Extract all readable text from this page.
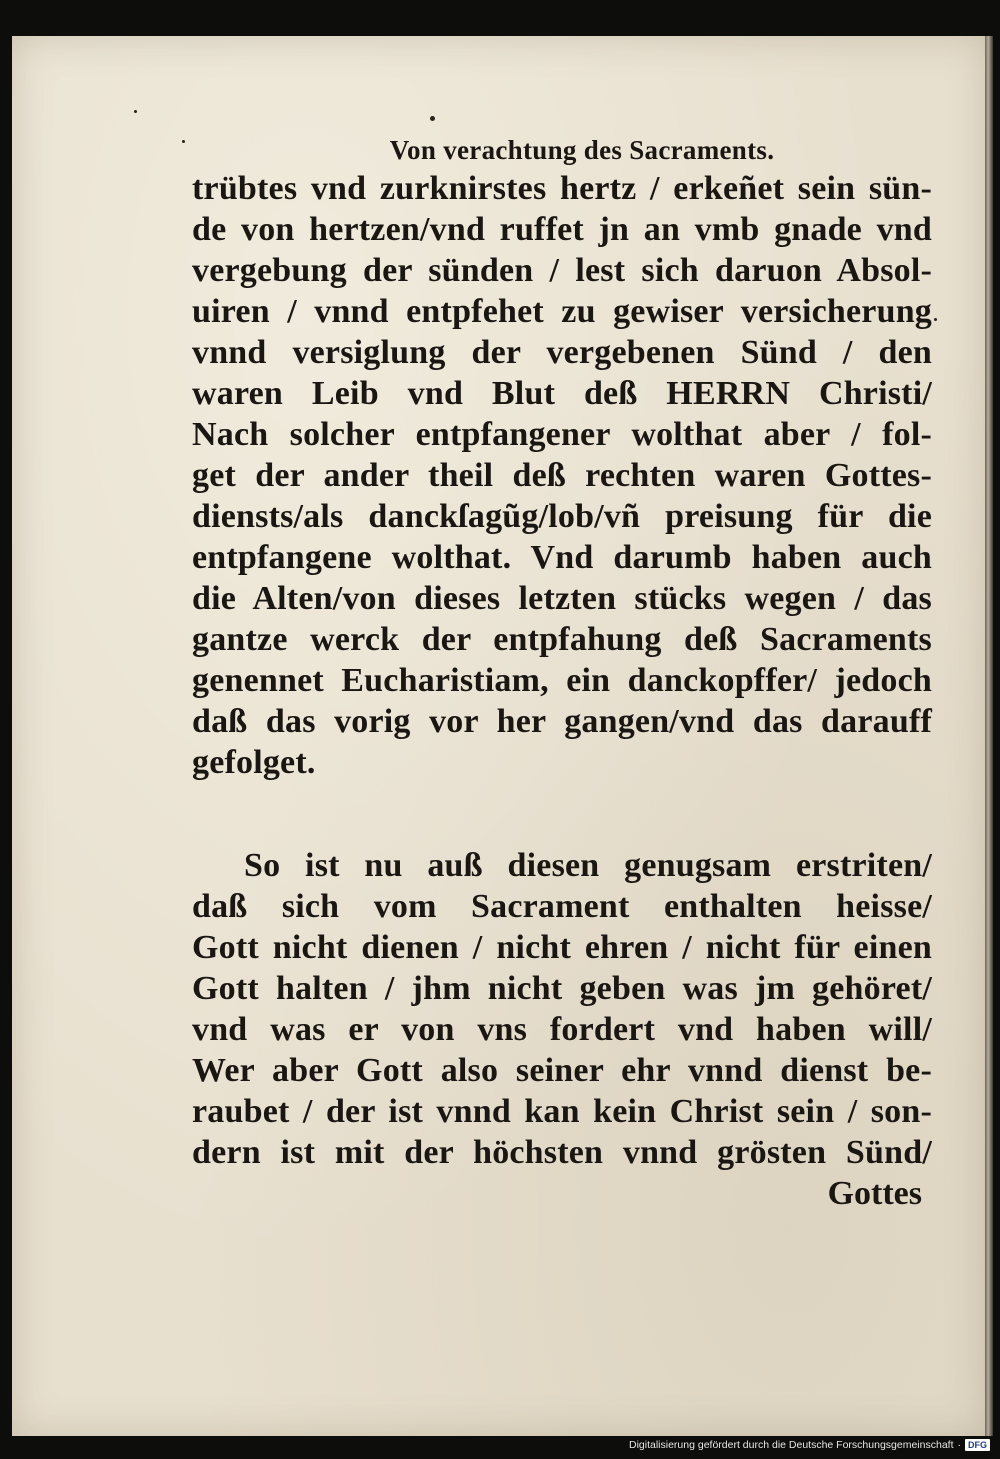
Von verachtung des Sacraments.
trübtes vnd zurknirstes hertz / erkeñet sein sün-
de von hertzen/vnd ruffet jn an vmb gnade vnd
vergebung der sünden / lest sich daruon Absol-
uiren / vnnd entpfehet zu gewiser versicherung
vnnd versiglung der vergebenen Sünd / den
waren Leib vnd Blut deß HERRN Christi/
Nach solcher entpfangener wolthat aber / fol-
get der ander theil deß rechten waren Gottes-
diensts/als danckſagũg/lob/vñ preisung für die
entpfangene wolthat. Vnd darumb haben auch
die Alten/von dieses letzten stücks wegen / das
gantze werck der entpfahung deß Sacraments
genennet Eucharistiam, ein danckopffer/ jedoch
daß das vorig vor her gangen/vnd das darauff
gefolget.
So ist nu auß diesen genugsam erstriten/
daß sich vom Sacrament enthalten heisse/
Gott nicht dienen / nicht ehren / nicht für einen
Gott halten / jhm nicht geben was jm gehöret/
vnd was er von vns fordert vnd haben will/
Wer aber Gott also seiner ehr vnnd dienst be-
raubet / der ist vnnd kan kein Christ sein / son-
dern ist mit der höchsten vnnd grösten Sünd/
Gottes
Digitalisierung gefördert durch die Deutsche Forschungsgemeinschaft · DFG
